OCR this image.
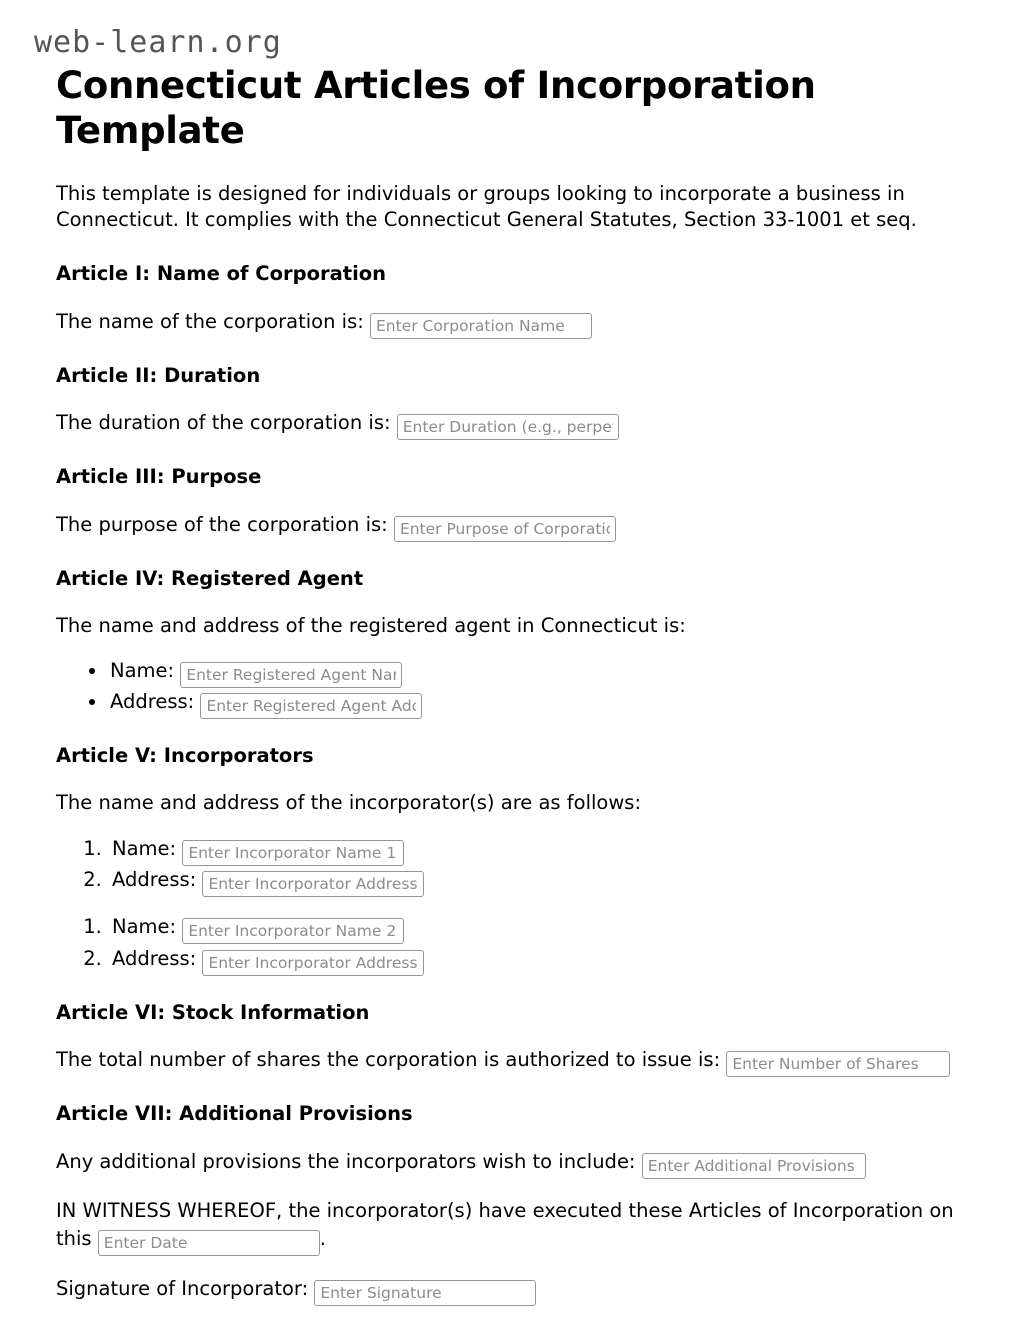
web-learn.org
Connecticut Articles of Incorporation Template

This template is designed for individuals or groups looking to incorporate a business in Connecticut. It complies with the Connecticut General Statutes, Section 33-1001 et seq.

Article I: Name of Corporation

The name of the corporation is: Enter Corporation Name

Article II: Duration

The duration of the corporation is: Enter Duration (e.g., perpetual)

Article III: Purpose

The purpose of the corporation is: Enter Purpose of Corporation

Article IV: Registered Agent

The name and address of the registered agent in Connecticut is:

• Name: Enter Registered Agent Name
• Address: Enter Registered Agent Address
Article V: Incorporators

The name and address of the incorporator(s) are as follows:

1. Name: Enter Incorporator Name 1
2. Address: Enter Incorporator Address 1
1. Name: Enter Incorporator Name 2
2. Address: Enter Incorporator Address 2
Article VI: Stock Information

The total number of shares the corporation is authorized to issue is: Enter Number of Shares

Article VII: Additional Provisions

Any additional provisions the incorporators wish to include: Enter Additional Provisions

IN WITNESS WHEREOF, the incorporator(s) have executed these Articles of Incorporation on this Enter Date	.

Signature of Incorporator: Enter Signature
